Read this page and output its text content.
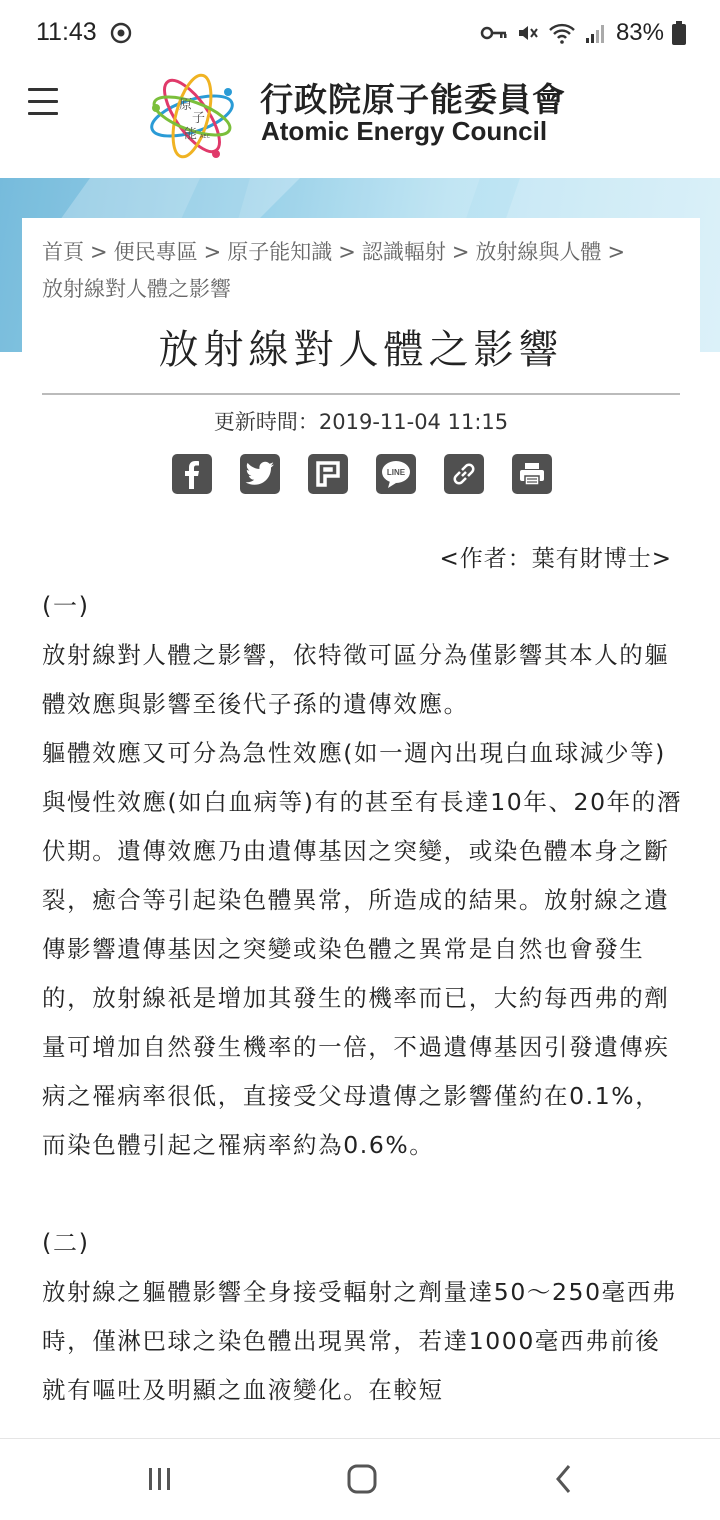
11:43	83%
原
子
能 AEC
行政院原子能委員會
Atomic Energy Council
首頁 > 便民專區 > 原子能知識 > 認識輻射 > 放射線與人體 >
放射線對人體之影響
放射線對人體之影響
更新時間：2019-11-04 11:15
LINE
<作者：葉有財博士>

(一)

放射線對人體之影響，依特徵可區分為僅影響其本人的軀體效應與影響至後代子孫的遺傳效應。

軀體效應又可分為急性效應(如一週內出現白血球減少等)與慢性效應(如白血病等)有的甚至有長達10年、20年的潛伏期。遺傳效應乃由遺傳基因之突變，或染色體本身之斷裂，癒合等引起染色體異常，所造成的結果。放射線之遺傳影響遺傳基因之突變或染色體之異常是自然也會發生的，放射線祇是增加其發生的機率而已，大約每西弗的劑量可增加自然發生機率的一倍，不過遺傳基因引發遺傳疾病之罹病率很低，直接受父母遺傳之影響僅約在0.1%，而染色體引起之罹病率約為0.6%。

(二)

放射線之軀體影響全身接受輻射之劑量達50～250毫西弗時，僅淋巴球之染色體出現異常，若達1000毫西弗前後就有嘔吐及明顯之血液變化。在較短
